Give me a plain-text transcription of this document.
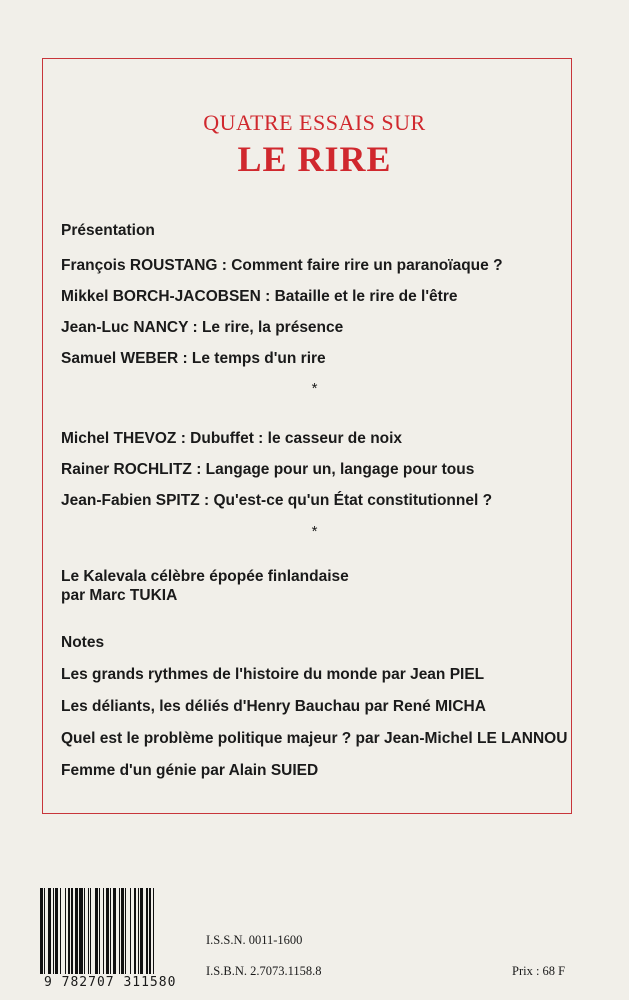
QUATRE ESSAIS SUR
LE RIRE
Présentation
François ROUSTANG : Comment faire rire un paranoïaque ?
Mikkel BORCH-JACOBSEN : Bataille et le rire de l'être
Jean-Luc NANCY : Le rire, la présence
Samuel WEBER : Le temps d'un rire
*
Michel THEVOZ : Dubuffet : le casseur de noix
Rainer ROCHLITZ : Langage pour un, langage pour tous
Jean-Fabien SPITZ : Qu'est-ce qu'un État constitutionnel ?
*
Le Kalevala célèbre épopée finlandaise
par Marc TUKIA
Notes
Les grands rythmes de l'histoire du monde par Jean PIEL
Les déliants, les déliés d'Henry Bauchau par René MICHA
Quel est le problème politique majeur ? par Jean-Michel LE LANNOU
Femme d'un génie par Alain SUIED
9 782707 311580
I.S.S.N. 0011-1600
I.S.B.N. 2.7073.1158.8	Prix : 68 F
